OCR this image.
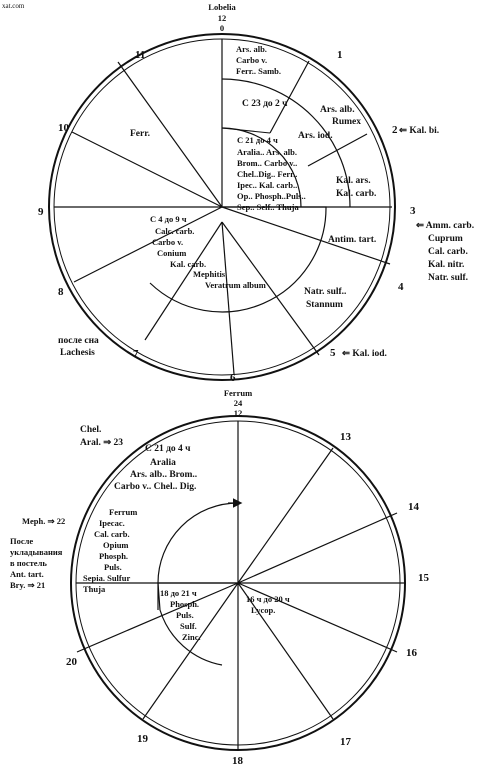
xat.com	Lobelia
12
0
1
2
3
4
5
6
7
8
9
10
11	Ars. alb.
Carbo v.
Ferr.. Samb.
С 23 до 2 ч
Ars. alb.
Rumex
Ars. iod.	⇐ Kal. bi.
Ferr.
С 21 до 4 ч
Aralia.. Ars. alb.
Brom.. Carbo v..
Chel..Dig.. Ferr..
Ipec.. Kal. carb..
Op.. Phosph..Puls..
Sep.. Self.. Thuja
Kal. ars.
Kal. carb.
⇐ Amm. carb.
Cuprum
Cal. carb.
Kal. nitr.
Natr. sulf.
Antim. tart.
С 4 до 9 ч
Calc. carb.
Carbo v.
Conium
Kal. carb.
Mephitis
Veratrum album
Natr. sulf..
Stannum
после сна
Lachesis	⇐ Kal. iod.
Ferrum
24
12
13
14
15
16
17
18
19
20
Chel.
Aral. ⇒ 23
С 21 до 4 ч
Aralia
Ars. alb.. Brom..
Carbo v.. Chel.. Dig.
Meph. ⇒ 22
Ferrum
Ipecac.
Cal. carb.
Opium
Phosph.
Puls.
Sepia. Sulfur
Thuja
После
укладывания
в постель
Ant. tart.
Bry. ⇒ 21
18 до 21 ч
Phosph.
Puls.
Sulf.
Zinc.
16 ч до 20 ч
Lycop.
